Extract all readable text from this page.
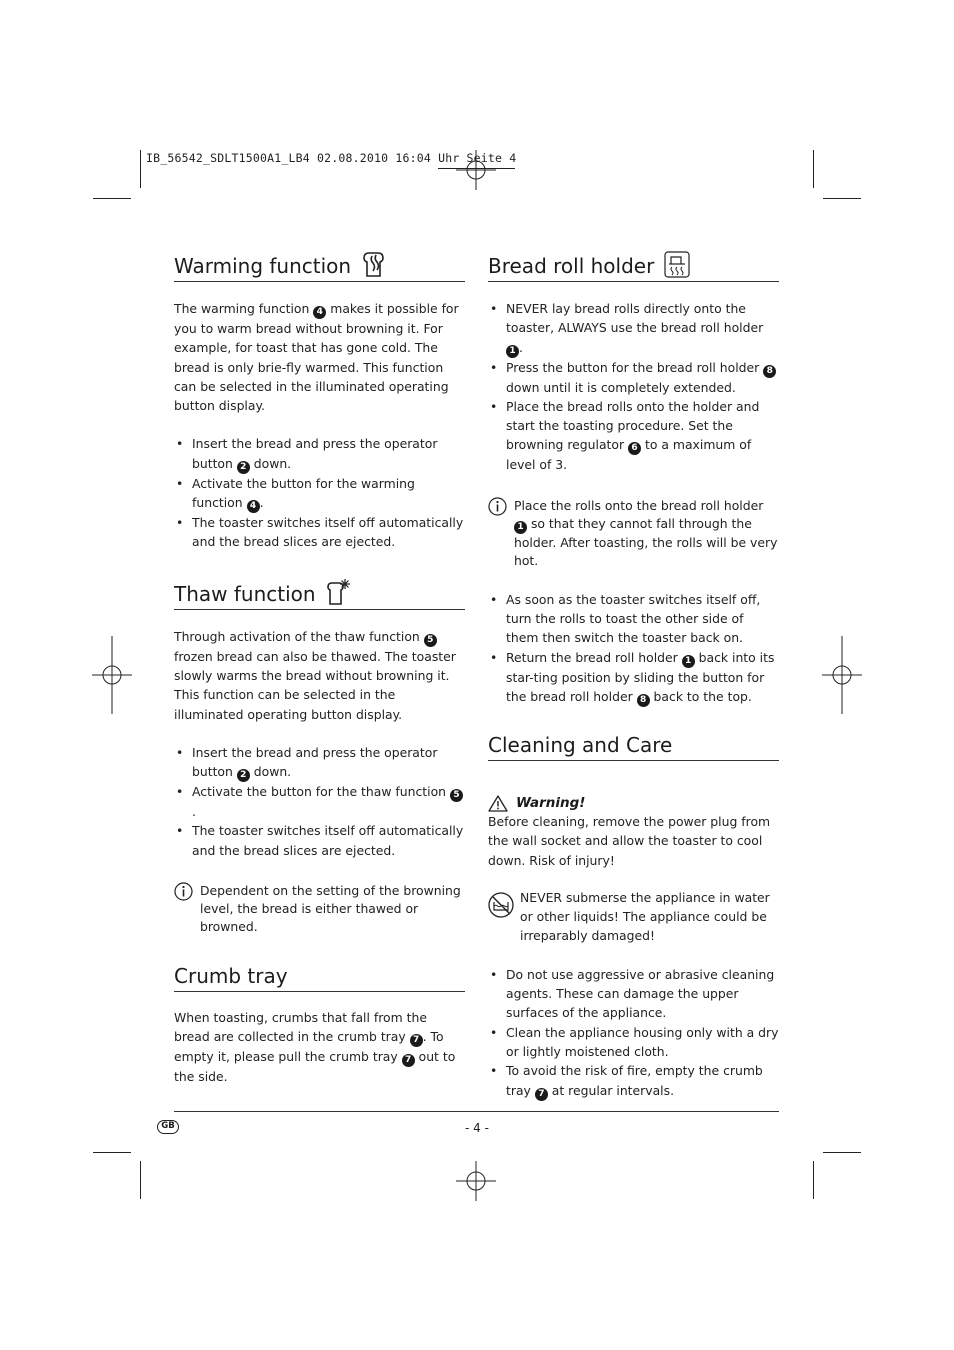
IB_56542_SDLT1500A1_LB4 02.08.2010 16:04 Uhr Seite 4
Warming function

The warming function 4 makes it possible for you to warm bread without browning it. For example, for toast that has gone cold. The bread is only brie-fly warmed. This function can be selected in the illuminated operating button display.

• Insert the bread and press the operator button 2 down.
• Activate the button for the warming function 4 .
• The toaster switches itself off automatically and the bread slices are ejected.
Thaw function

Through activation of the thaw function 5 frozen bread can also be thawed. The toaster slowly warms the bread without browning it. This function can be selected in the illuminated operating button display.

• Insert the bread and press the operator button 2 down.
• Activate the button for the thaw function 5.
• The toaster switches itself off automatically and the bread slices are ejected.
Dependent on the setting of the browning level, the bread is either thawed or browned.
Crumb tray

When toasting, crumbs that fall from the bread are collected in the crumb tray 7 . To empty it, please pull the crumb tray 7 out to the side.

Bread roll holder
• NEVER lay bread rolls directly onto the toaster, ALWAYS use the bread roll holder 1 .
• Press the button for the bread roll holder 8 down until it is completely extended.
• Place the bread rolls onto the holder and start the toasting procedure. Set the browning regulator 6 to a maximum of level of 3.
Place the rolls onto the bread roll holder 1 so that they cannot fall through the holder. After toasting, the rolls will be very hot.
• As soon as the toaster switches itself off, turn the rolls to toast the other side of them then switch the toaster back on.
• Return the bread roll holder 1 back into its star-ting position by sliding the button for the bread roll holder 8 back to the top.
Cleaning and Care
Warning!

Before cleaning, remove the power plug from the wall socket and allow the toaster to cool down. Risk of injury!

NEVER submerse the appliance in water or other liquids! The appliance could be irreparably damaged!
• Do not use aggressive or abrasive cleaning agents. These can damage the upper surfaces of the appliance.
• Clean the appliance housing only with a dry or lightly moistened cloth.
• To avoid the risk of fire, empty the crumb tray 7 at regular intervals.
GB	- 4 -
